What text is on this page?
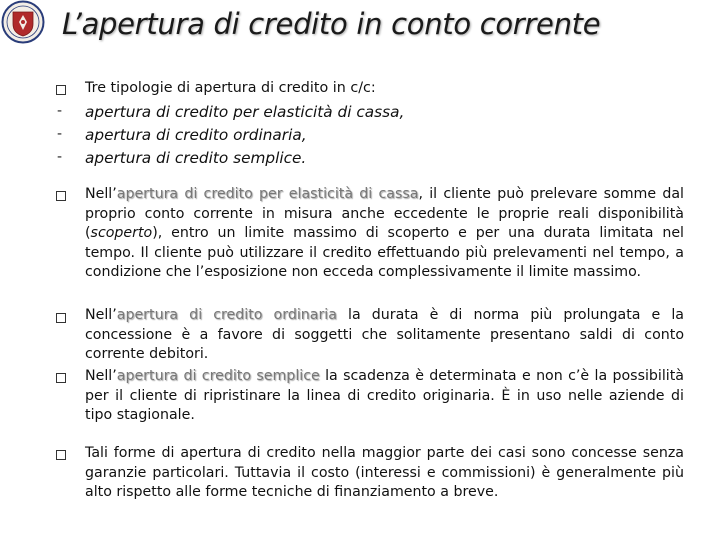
L’apertura di credito in conto corrente
Tre tipologie di apertura di credito in c/c:
- apertura di credito per elasticità di cassa,
- apertura di credito ordinaria,
- apertura di credito semplice.

Nell’apertura di credito per elasticità di cassa, il cliente può prelevare somme dal proprio conto corrente in misura anche eccedente le proprie reali disponibilità (scoperto), entro un limite massimo di scoperto e per una durata limitata nel tempo. Il cliente può utilizzare il credito effettuando più prelevamenti nel tempo, a condizione che l’esposizione non ecceda complessivamente il limite massimo.

Nell’apertura di credito ordinaria la durata è di norma più prolungata e la concessione è a favore di soggetti che solitamente presentano saldi di conto corrente debitori.

Nell’apertura di credito semplice la scadenza è determinata e non c’è la possibilità per il cliente di ripristinare la linea di credito originaria. È in uso nelle aziende di tipo stagionale.

Tali forme di apertura di credito nella maggior parte dei casi sono concesse senza garanzie particolari. Tuttavia il costo (interessi e commissioni) è generalmente più alto rispetto alle forme tecniche di finanziamento a breve.
